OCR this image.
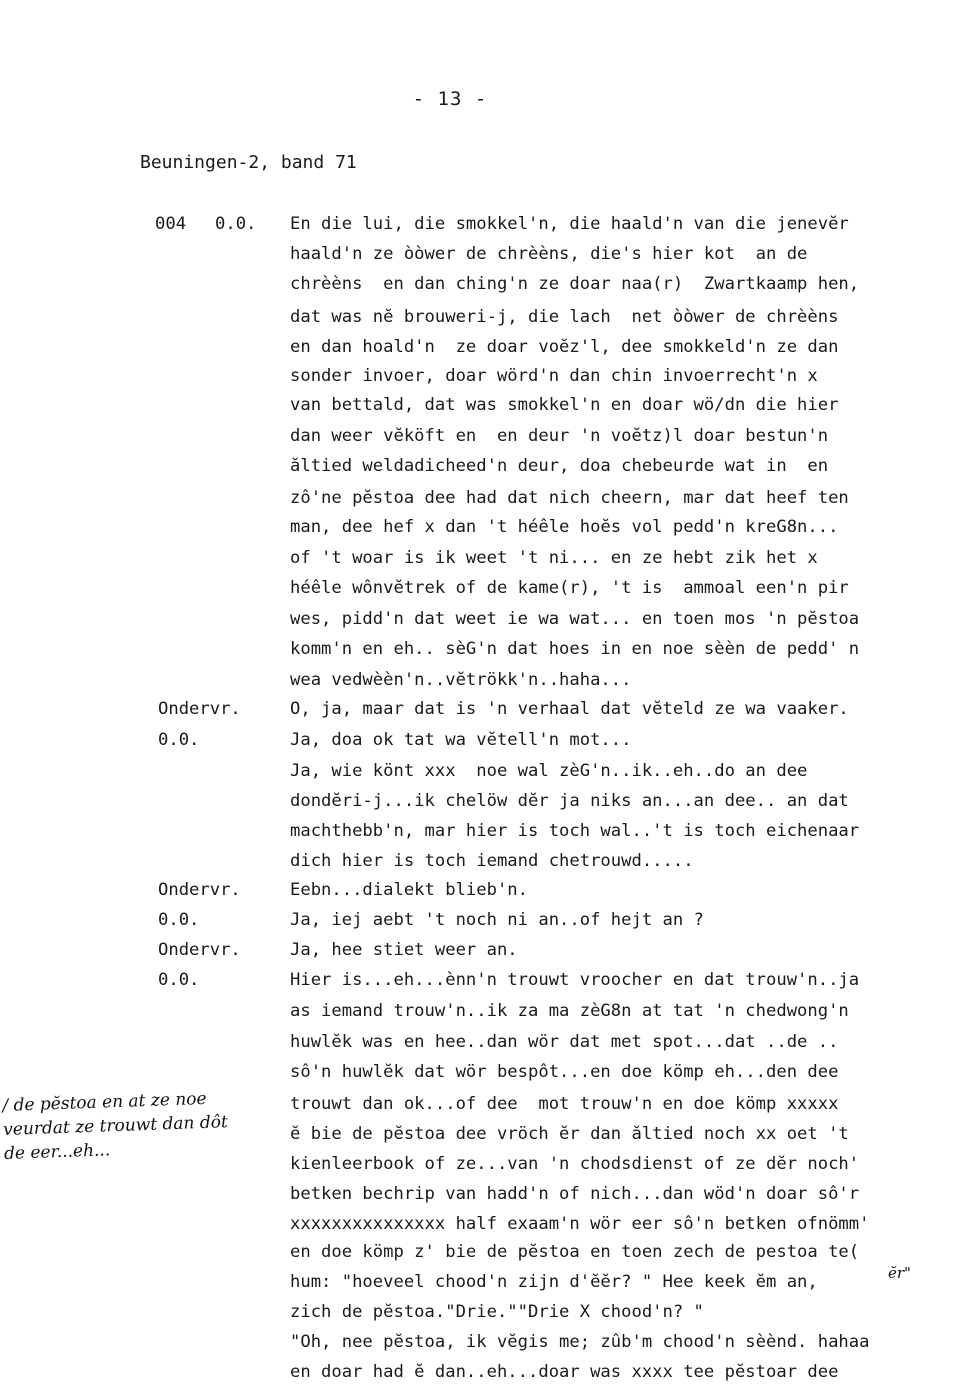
- 13 -
Beuningen-2, band 71
004	0.0.	En die lui, die smokkel'n, die haald'n van die jenevĕr
haald'n ze òòwer de chrèèns, die's hier kot  an de
chrèèns  en dan ching'n ze doar naa(r)  Zwartkaamp hen,
dat was nĕ brouweri-j, die lach  net òòwer de chrèèns
en dan hoald'n  ze doar voĕz'l, dee smokkeld'n ze dan
sonder invoer, doar wörd'n dan chin invoerrecht'n x
van bettald, dat was smokkel'n en doar wö/dn die hier
dan weer vĕköft en  en deur 'n voĕtz)l doar bestun'n
ăltied weldadicheed'n deur, doa chebeurde wat in  en
zô'ne pĕstoa dee had dat nich cheern, mar dat heef ten
man, dee hef x dan 't héêle hoĕs vol pedd'n kreG8n...
of 't woar is ik weet 't ni... en ze hebt zik het x
héêle wônvĕtrek of de kame(r), 't is  ammoal een'n pir
wes, pidd'n dat weet ie wa wat... en toen mos 'n pĕstoa
komm'n en eh.. sèG'n dat hoes in en noe sèèn de pedd' n
wea vedwèèn'n..vĕtrökk'n..haha...
Ondervr.	O, ja, maar dat is 'n verhaal dat vĕteld ze wa vaaker.
0.0.	Ja, doa ok tat wa vĕtell'n mot...
Ja, wie könt xxx  noe wal zèG'n..ik..eh..do an dee
dondĕri-j...ik chelöw dĕr ja niks an...an dee.. an dat
machthebb'n, mar hier is toch wal..'t is toch eichenaar
dich hier is toch iemand chetrouwd.....
Ondervr.	Eebn...dialekt blieb'n.
0.0.	Ja, iej aebt 't noch ni an..of hejt an ?
Ondervr.	Ja, hee stiet weer an.
0.0.	Hier is...eh...ènn'n trouwt vroocher en dat trouw'n..ja
as iemand trouw'n..ik za ma zèG8n at tat 'n chedwong'n
huwlĕk was en hee..dan wör dat met spot...dat ..de ..
sô'n huwlĕk dat wör bespôt...en doe kömp eh...den dee
trouwt dan ok...of dee  mot trouw'n en doe kömp xxxxx
ĕ bie de pĕstoa dee vröch ĕr dan ăltied noch xx oet 't
kienleerbook of ze...van 'n chodsdienst of ze dĕr noch'
betken bechrip van hadd'n of nich...dan wöd'n doar sô'r
xxxxxxxxxxxxxxx half exaam'n wör eer sô'n betken ofnömm'
en doe kömp z' bie de pĕstoa en toen zech de pestoa te(
hum: "hoeveel chood'n zijn d'ĕĕr? " Hee keek ĕm an,
zich de pĕstoa."Drie.""Drie X chood'n? "
"Oh, nee pĕstoa, ik vĕgis me; zûb'm chood'n sèènd. hahaa
en doar had ĕ dan..eh...doar was xxxx tee pĕstoar dee
/ de pĕstoa en at ze noe
veurdat ze trouwt dan dôt
de eer...eh...
ĕr"
